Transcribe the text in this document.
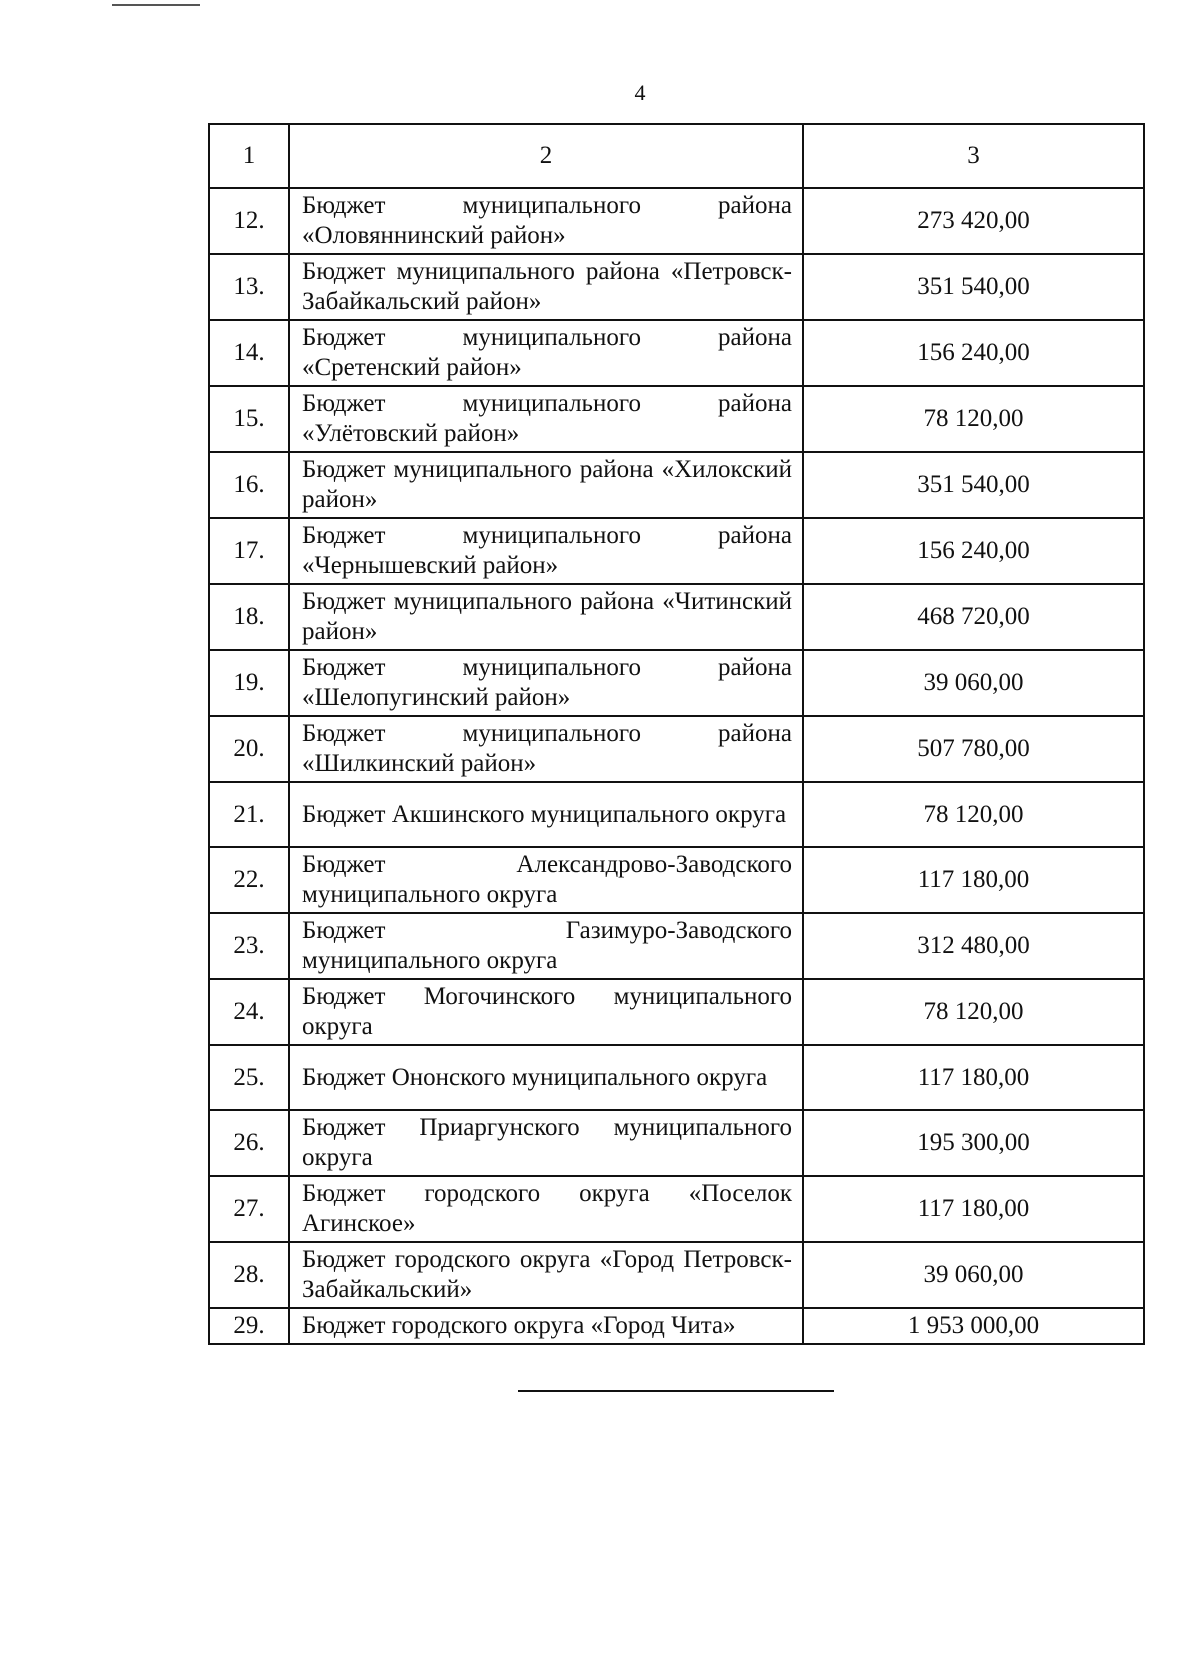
4
1	2	3
12.	Бюджет муниципального района «Оловяннинский район»	273 420,00
13.	Бюджет муниципального района «Петровск-Забайкальский район»	351 540,00
14.	Бюджет муниципального района «Сретенский район»	156 240,00
15.	Бюджет муниципального района «Улётовский район»	78 120,00
16.	Бюджет муниципального района «Хилокский район»	351 540,00
17.	Бюджет муниципального района «Чернышевский район»	156 240,00
18.	Бюджет муниципального района «Читинский район»	468 720,00
19.	Бюджет муниципального района «Шелопугинский район»	39 060,00
20.	Бюджет муниципального района «Шилкинский район»	507 780,00
21.	Бюджет Акшинского муниципального округа	78 120,00
22.	Бюджет Александрово-Заводского муниципального округа	117 180,00
23.	Бюджет Газимуро-Заводского муниципального округа	312 480,00
24.	Бюджет Могочинского муниципального округа	78 120,00
25.	Бюджет Ононского муниципального округа	117 180,00
26.	Бюджет Приаргунского муниципального округа	195 300,00
27.	Бюджет городского округа «Поселок Агинское»	117 180,00
28.	Бюджет городского округа «Город Петровск-Забайкальский»	39 060,00
29.	Бюджет городского округа «Город Чита»	1 953 000,00
